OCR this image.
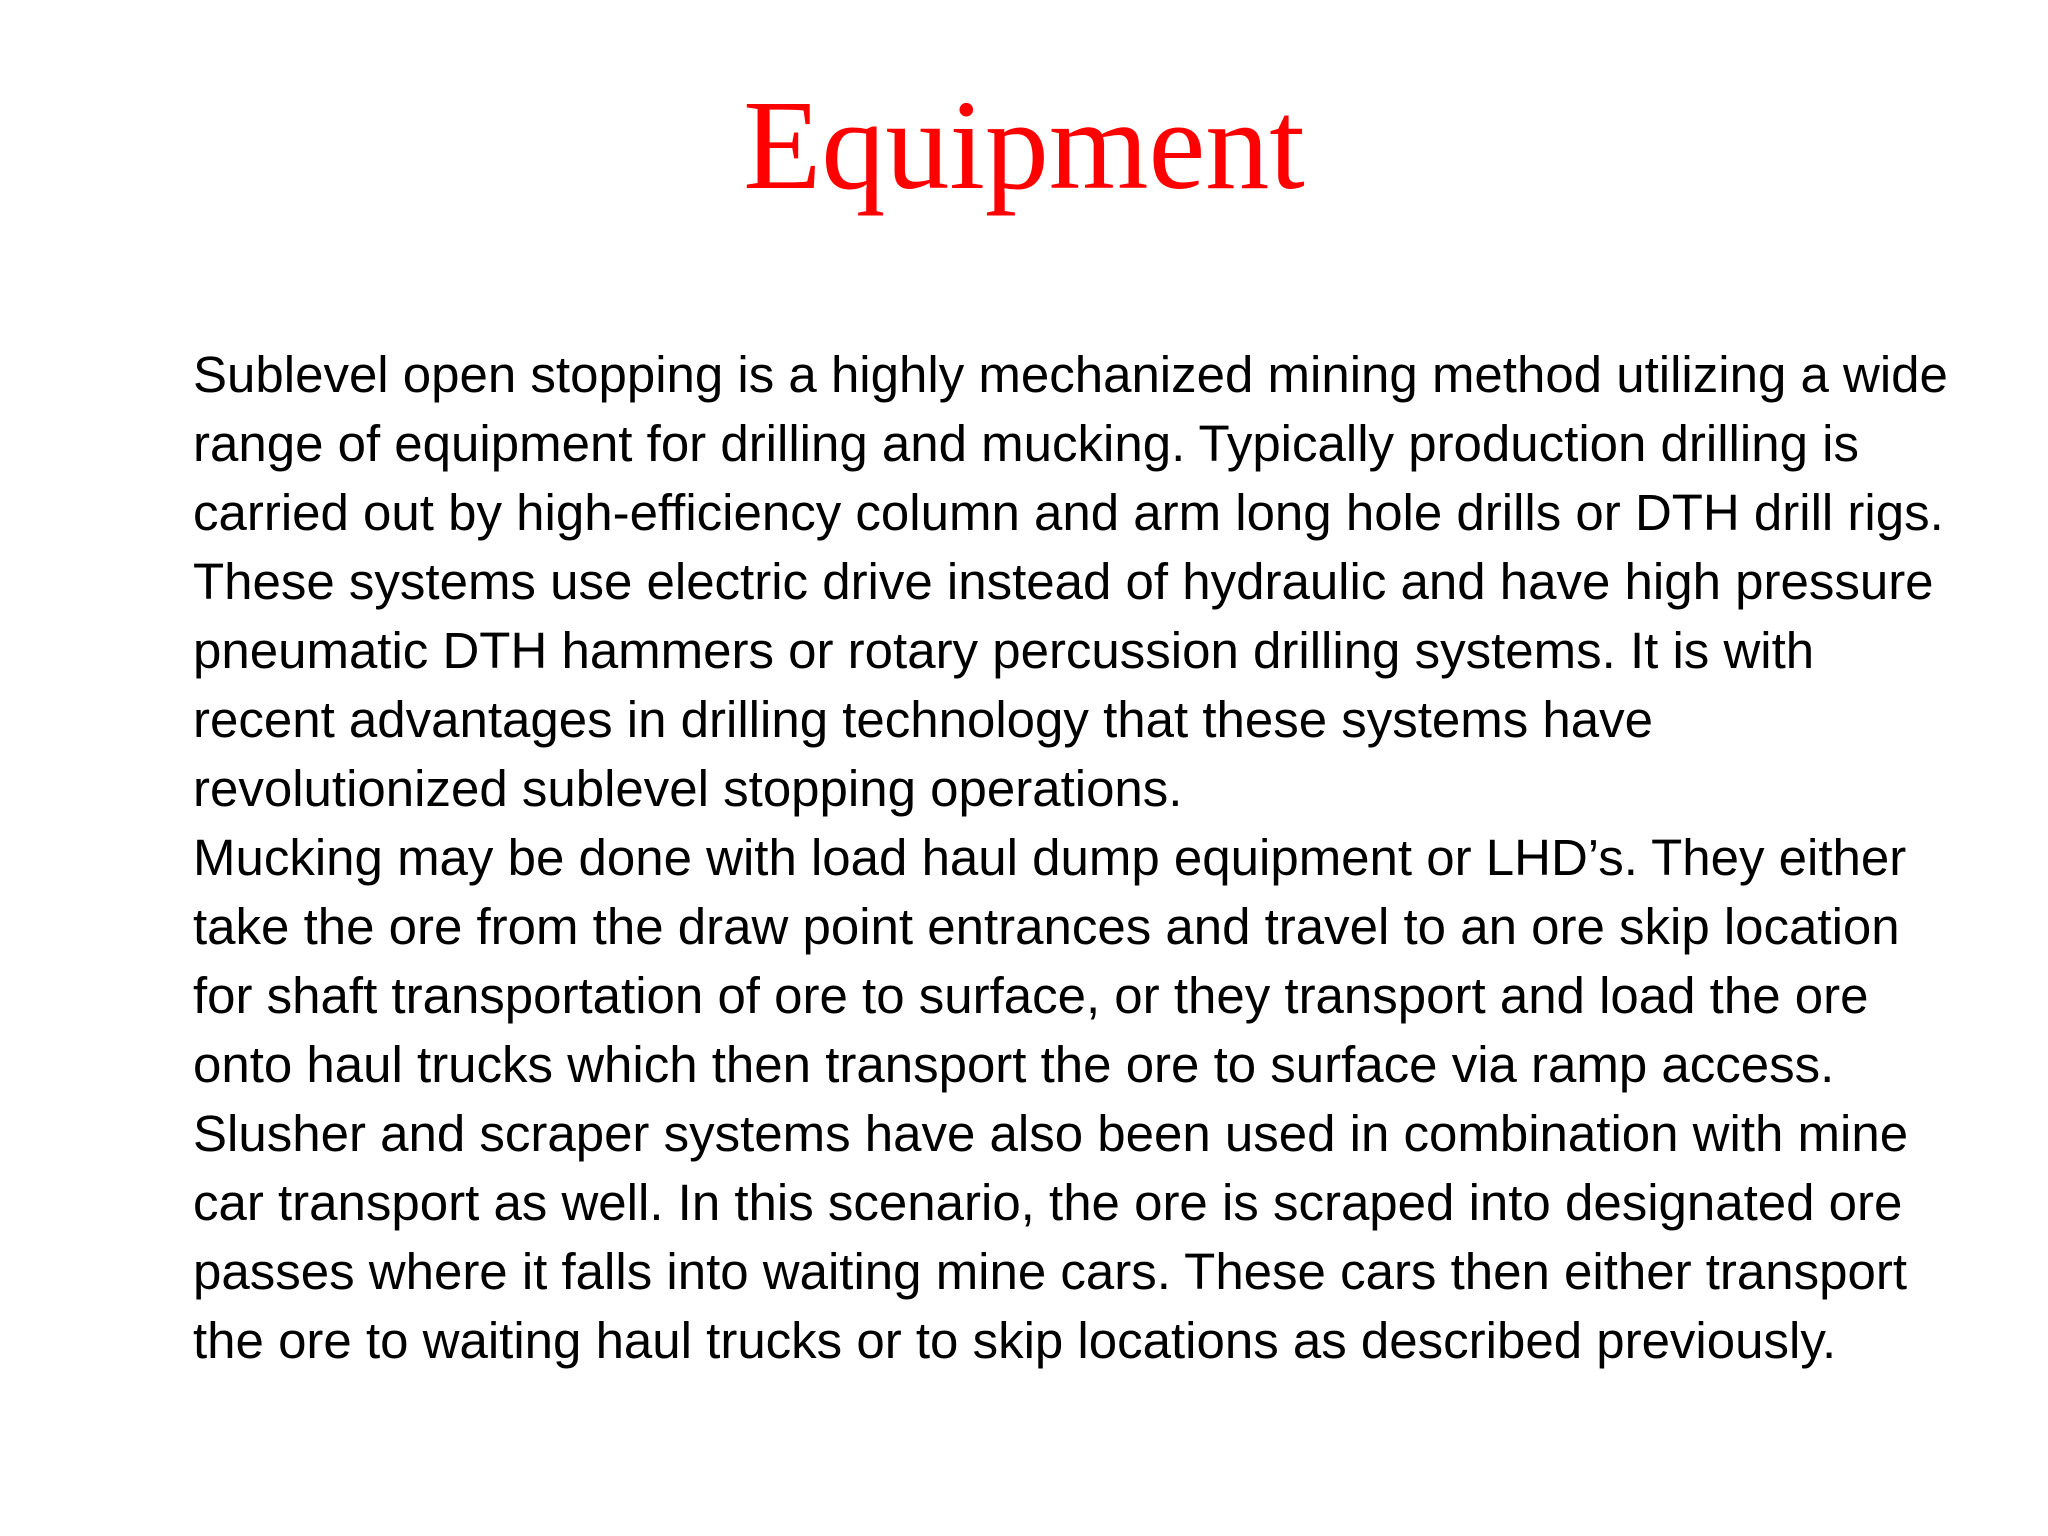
Equipment
Sublevel open stopping is a highly mechanized mining method utilizing a wide
range of equipment for drilling and mucking. Typically production drilling is
carried out by high-efficiency column and arm long hole drills or DTH drill rigs.
These systems use electric drive instead of hydraulic and have high pressure
pneumatic DTH hammers or rotary percussion drilling systems. It is with
recent advantages in drilling technology that these systems have
revolutionized sublevel stopping operations.
Mucking may be done with load haul dump equipment or LHD’s. They either
take the ore from the draw point entrances and travel to an ore skip location
for shaft transportation of ore to surface, or they transport and load the ore
onto haul trucks which then transport the ore to surface via ramp access.
Slusher and scraper systems have also been used in combination with mine
car transport as well. In this scenario, the ore is scraped into designated ore
passes where it falls into waiting mine cars. These cars then either transport
the ore to waiting haul trucks or to skip locations as described previously.
